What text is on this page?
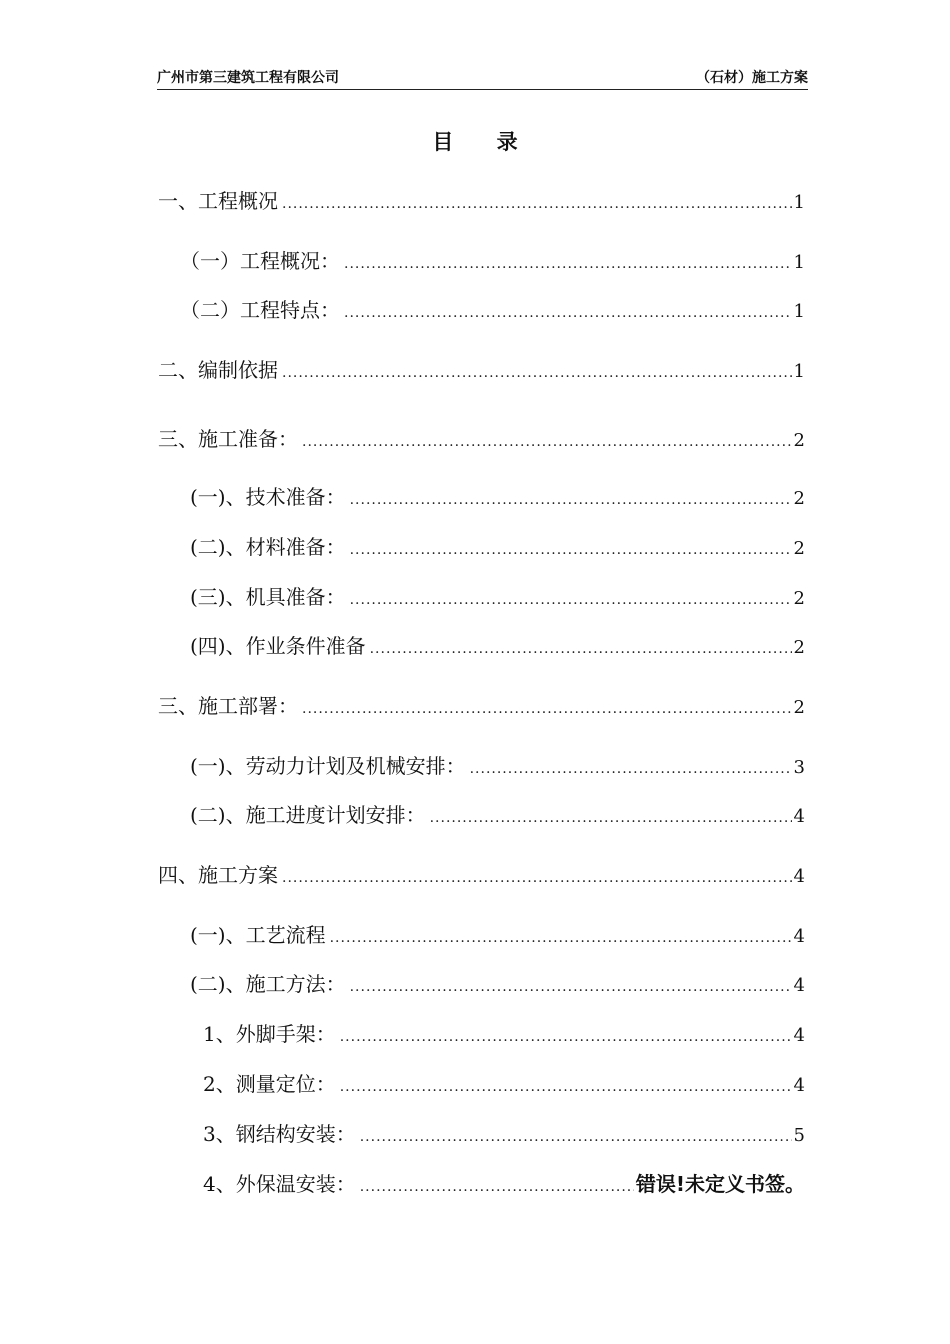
广州市第三建筑工程有限公司	（石材）施工方案
目 录
一、工程概况 .....	1
（一）工程概况： .....	1
（二）工程特点： .....	1
二、编制依据 .....	1
三、施工准备： .....	2
(一)、技术准备： .....	2
(二)、材料准备： .....	2
(三)、机具准备： .....	2
(四)、作业条件准备 .....	2
三、施工部署： .....	2
(一)、劳动力计划及机械安排： .....	3
(二)、施工进度计划安排： .....	4
四、施工方案 .....	4
(一)、工艺流程 .....	4
(二)、施工方法： .....	4
1、外脚手架： .....	4
2、测量定位： .....	4
3、钢结构安装： .....	5
4、外保温安装： .....	错误!未定义书签。
